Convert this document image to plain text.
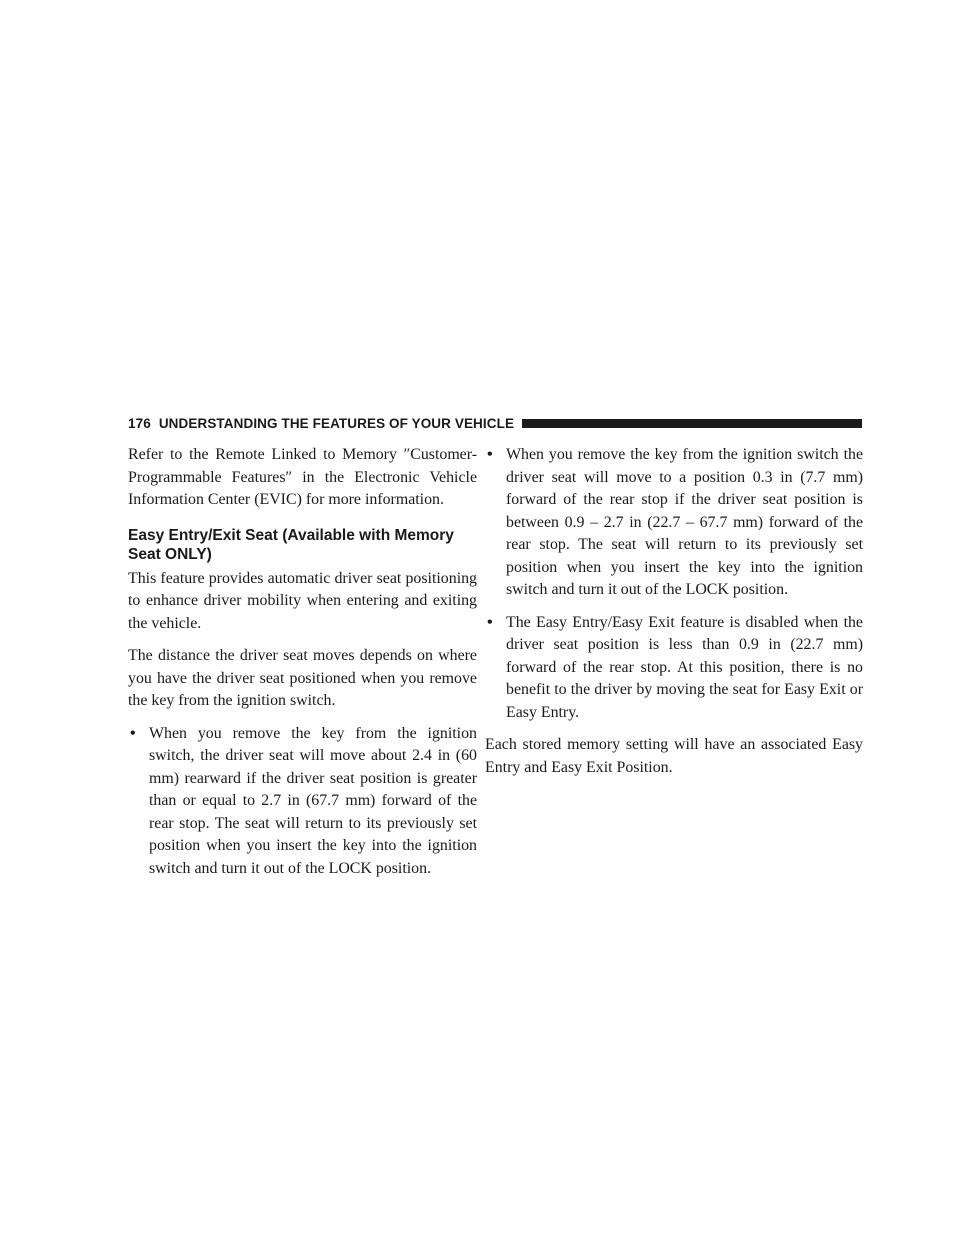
176 UNDERSTANDING THE FEATURES OF YOUR VEHICLE

Refer to the Remote Linked to Memory ″Customer-Programmable Features″ in the Electronic Vehicle Information Center (EVIC) for more information.

Easy Entry/Exit Seat (Available with Memory Seat ONLY)

This feature provides automatic driver seat positioning to enhance driver mobility when entering and exiting the vehicle.

The distance the driver seat moves depends on where you have the driver seat positioned when you remove the key from the ignition switch.

• When you remove the key from the ignition switch, the driver seat will move about 2.4 in (60 mm) rearward if the driver seat position is greater than or equal to 2.7 in (67.7 mm) forward of the rear stop. The seat will return to its previously set position when you insert the key into the ignition switch and turn it out of the LOCK position.
• When you remove the key from the ignition switch the driver seat will move to a position 0.3 in (7.7 mm) forward of the rear stop if the driver seat position is between 0.9 – 2.7 in (22.7 – 67.7 mm) forward of the rear stop. The seat will return to its previously set position when you insert the key into the ignition switch and turn it out of the LOCK position.
• The Easy Entry/Easy Exit feature is disabled when the driver seat position is less than 0.9 in (22.7 mm) forward of the rear stop. At this position, there is no benefit to the driver by moving the seat for Easy Exit or Easy Entry.

Each stored memory setting will have an associated Easy Entry and Easy Exit Position.
